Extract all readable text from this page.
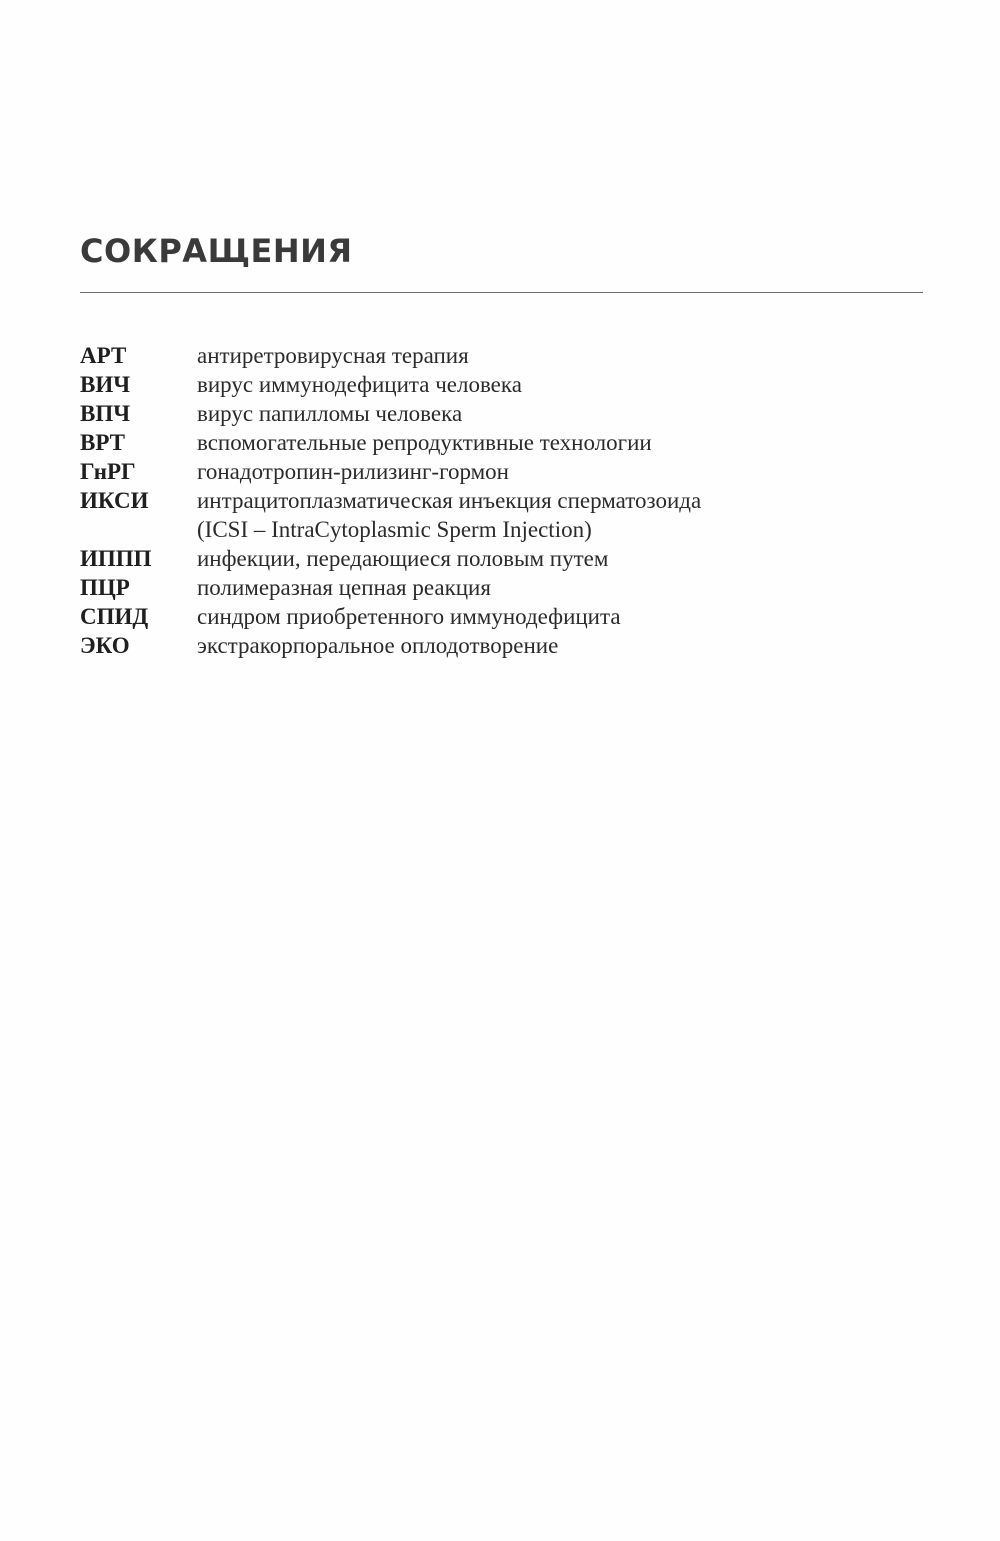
СОКРАЩЕНИЯ
АРТ	антиретровирусная терапия
ВИЧ	вирус иммунодефицита человека
ВПЧ	вирус папилломы человека
ВРТ	вспомогательные репродуктивные технологии
ГнРГ	гонадотропин-рилизинг-гормон
ИКСИ	интрацитоплазматическая инъекция сперматозоида
(ICSI – IntraCytoplasmic Sperm Injection)
ИППП	инфекции, передающиеся половым путем
ПЦР	полимеразная цепная реакция
СПИД	синдром приобретенного иммунодефицита
ЭКО	экстракорпоральное оплодотворение
